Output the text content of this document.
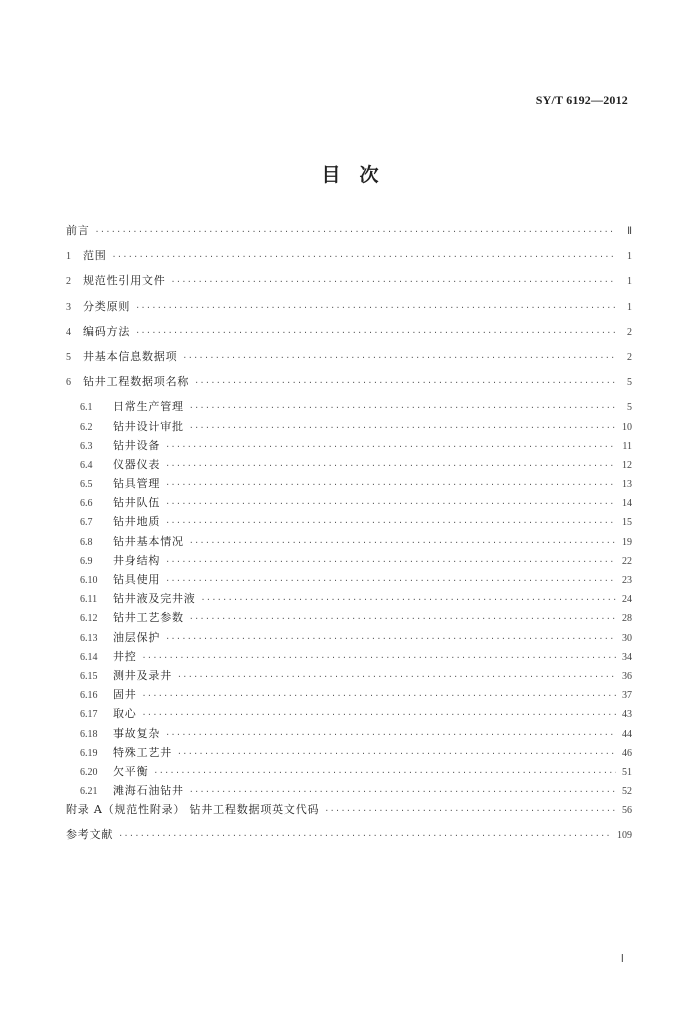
SY/T 6192—2012
目　次
前言 ·····	Ⅱ
1	范围 ·····	1
2	规范性引用文件 ·····	1
3	分类原则 ·····	1
4	编码方法 ·····	2
5	井基本信息数据项 ·····	2
6	钻井工程数据项名称 ·····	5
6.1	日常生产管理 ·····	5
6.2	钻井设计审批 ·····	10
6.3	钻井设备 ·····	11
6.4	仪器仪表 ·····	12
6.5	钻具管理 ·····	13
6.6	钻井队伍 ·····	14
6.7	钻井地质 ·····	15
6.8	钻井基本情况 ·····	19
6.9	井身结构 ·····	22
6.10	钻具使用 ·····	23
6.11	钻井液及完井液 ·····	24
6.12	钻井工艺参数 ·····	28
6.13	油层保护 ·····	30
6.14	井控 ·····	34
6.15	测井及录井 ·····	36
6.16	固井 ·····	37
6.17	取心 ·····	43
6.18	事故复杂 ·····	44
6.19	特殊工艺井 ·····	46
6.20	欠平衡 ·····	51
6.21	滩海石油钻井 ·····	52
附录 A（规范性附录） 钻井工程数据项英文代码 ·····	56
参考文献 ·····	109
Ⅰ
